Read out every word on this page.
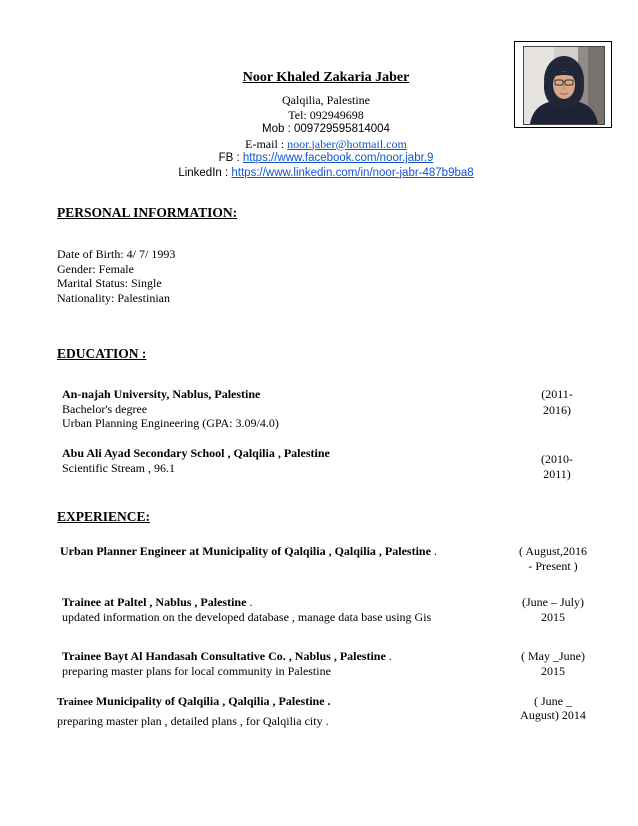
Noor Khaled Zakaria Jaber
Qalqilia, Palestine
Tel: 092949698
Mob : 009729595814004
E-mail : noor.jaber@hotmail.com
FB : https://www.facebook.com/noor.jabr.9
LinkedIn : https://www.linkedin.com/in/noor-jabr-487b9ba8
PERSONAL INFORMATION:
Date of Birth: 4/ 7/ 1993
Gender: Female
Marital Status: Single
Nationality: Palestinian
EDUCATION :
An-najah University, Nablus, Palestine
Bachelor's degree
Urban Planning Engineering (GPA: 3.09/4.0)
(2011-
2016)
Abu Ali Ayad Secondary School , Qalqilia , Palestine
Scientific Stream , 96.1
(2010-
2011)
EXPERIENCE:
Urban Planner Engineer at Municipality of Qalqilia , Qalqilia , Palestine .	( August,2016
- Present )
Trainee at Paltel , Nablus , Palestine .
updated information on the developed database , manage data base using Gis
(June – July)
2015
Trainee Bayt Al Handasah Consultative Co. , Nablus , Palestine .
preparing master plans for local community in Palestine
( May _June)
2015
Trainee Municipality of Qalqilia , Qalqilia , Palestine .
preparing master plan , detailed plans , for Qalqilia city .
( June _
August) 2014
